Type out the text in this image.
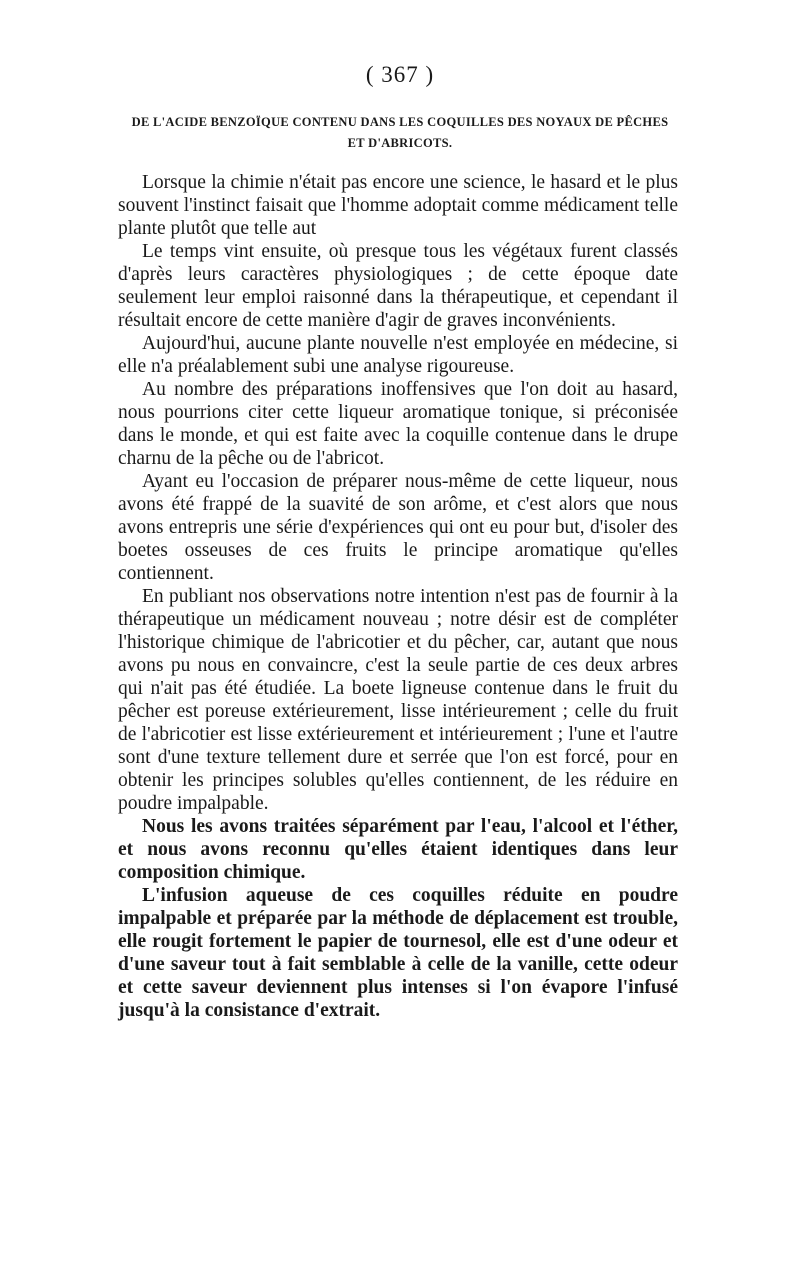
( 367 )
DE L'ACIDE BENZOÏQUE CONTENU DANS LES COQUILLES DES NOYAUX DE PÊCHES
ET D'ABRICOTS.

Lorsque la chimie n'était pas encore une science, le hasard et le plus souvent l'instinct faisait que l'homme adoptait comme médicament telle plante plutôt que telle aut

Le temps vint ensuite, où presque tous les végétaux furent classés d'après leurs caractères physiologiques ; de cette époque date seulement leur emploi raisonné dans la thérapeutique, et cependant il résultait encore de cette manière d'agir de graves inconvénients.

Aujourd'hui, aucune plante nouvelle n'est employée en médecine, si elle n'a préalablement subi une analyse rigoureuse.

Au nombre des préparations inoffensives que l'on doit au hasard, nous pourrions citer cette liqueur aromatique tonique, si préconisée dans le monde, et qui est faite avec la coquille contenue dans le drupe charnu de la pêche ou de l'abricot.

Ayant eu l'occasion de préparer nous-même de cette liqueur, nous avons été frappé de la suavité de son arôme, et c'est alors que nous avons entrepris une série d'expériences qui ont eu pour but, d'isoler des boetes osseuses de ces fruits le principe aromatique qu'elles contiennent.

En publiant nos observations notre intention n'est pas de fournir à la thérapeutique un médicament nouveau ; notre désir est de compléter l'historique chimique de l'abricotier et du pêcher, car, autant que nous avons pu nous en convaincre, c'est la seule partie de ces deux arbres qui n'ait pas été étudiée. La boete ligneuse contenue dans le fruit du pêcher est poreuse extérieurement, lisse intérieurement ; celle du fruit de l'abricotier est lisse extérieurement et intérieurement ; l'une et l'autre sont d'une texture tellement dure et serrée que l'on est forcé, pour en obtenir les principes solubles qu'elles contiennent, de les réduire en poudre impalpable.

Nous les avons traitées séparément par l'eau, l'alcool et l'éther, et nous avons reconnu qu'elles étaient identiques dans leur composition chimique.

L'infusion aqueuse de ces coquilles réduite en poudre impalpable et préparée par la méthode de déplacement est trouble, elle rougit fortement le papier de tournesol, elle est d'une odeur et d'une saveur tout à fait semblable à celle de la vanille, cette odeur et cette saveur deviennent plus intenses si l'on évapore l'infusé jusqu'à la consistance d'extrait.
